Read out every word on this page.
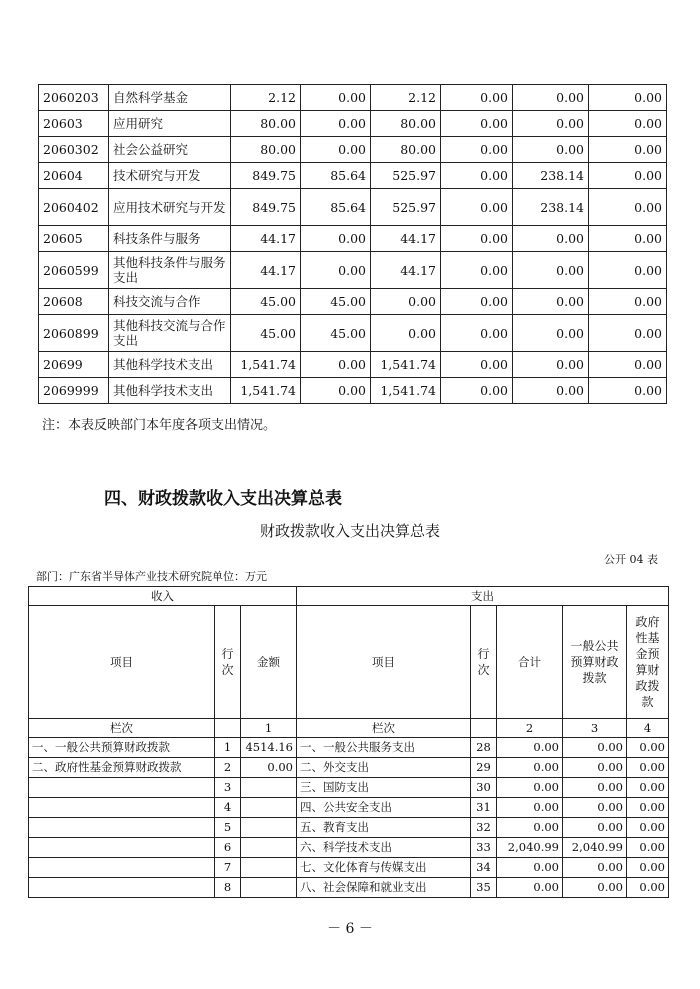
2060203	自然科学基金	2.12	0.00	2.12	0.00	0.00	0.00
20603	应用研究	80.00	0.00	80.00	0.00	0.00	0.00
2060302	社会公益研究	80.00	0.00	80.00	0.00	0.00	0.00
20604	技术研究与开发	849.75	85.64	525.97	0.00	238.14	0.00
2060402	应用技术研究与开发	849.75	85.64	525.97	0.00	238.14	0.00
20605	科技条件与服务	44.17	0.00	44.17	0.00	0.00	0.00
2060599	其他科技条件与服务支出	44.17	0.00	44.17	0.00	0.00	0.00
20608	科技交流与合作	45.00	45.00	0.00	0.00	0.00	0.00
2060899	其他科技交流与合作支出	45.00	45.00	0.00	0.00	0.00	0.00
20699	其他科学技术支出	1,541.74	0.00	1,541.74	0.00	0.00	0.00
2069999	其他科学技术支出	1,541.74	0.00	1,541.74	0.00	0.00	0.00
注：本表反映部门本年度各项支出情况。
四、财政拨款收入支出决算总表
财政拨款收入支出决算总表
公开 04 表
部门：广东省半导体产业技术研究院单位：万元
收入			支出				
项目	行次	金额	项目	行次	合计	一般公共预算财政拨款	政府性基金预算财政拨款
栏次		1	栏次		2	3	4
一、一般公共预算财政拨款	1	4514.16	一、一般公共服务支出	28	0.00	0.00	0.00
二、政府性基金预算财政拨款	2	0.00	二、外交支出	29	0.00	0.00	0.00
	3		三、国防支出	30	0.00	0.00	0.00
	4		四、公共安全支出	31	0.00	0.00	0.00
	5		五、教育支出	32	0.00	0.00	0.00
	6		六、科学技术支出	33	2,040.99	2,040.99	0.00
	7		七、文化体育与传媒支出	34	0.00	0.00	0.00
	8		八、社会保障和就业支出	35	0.00	0.00	0.00
－ 6 －
